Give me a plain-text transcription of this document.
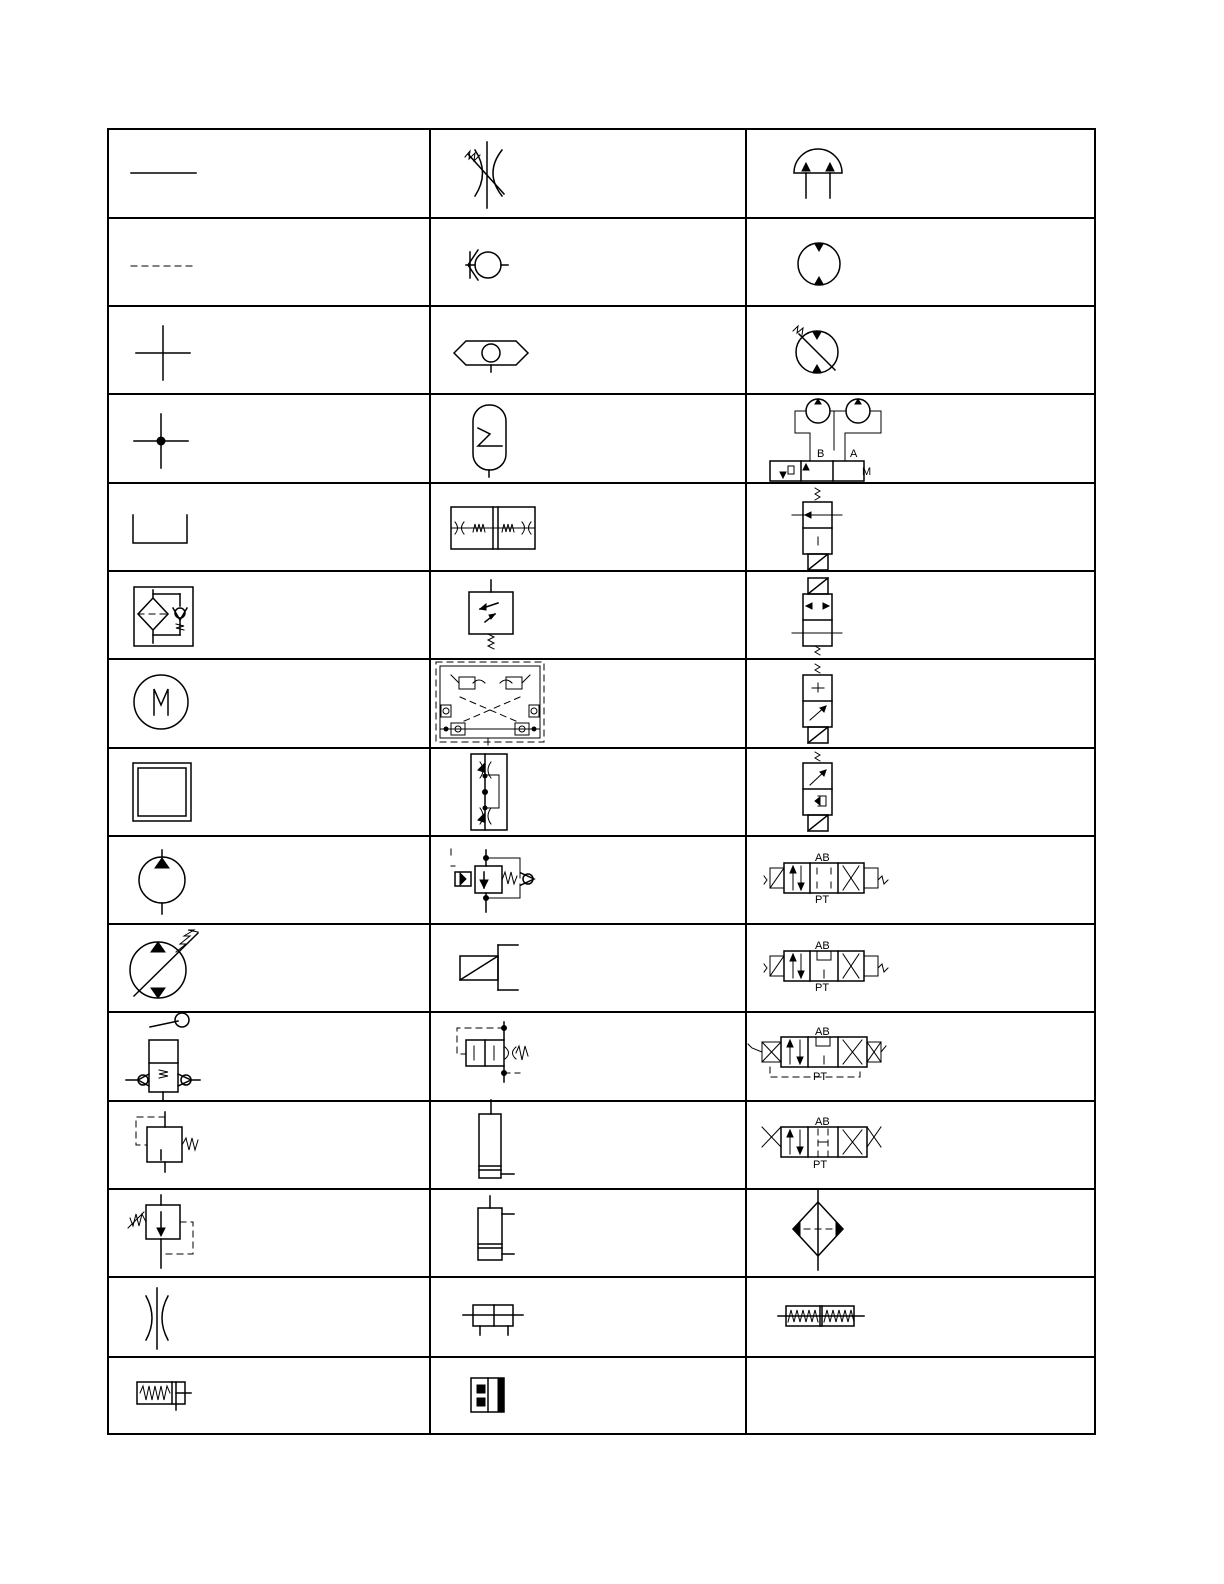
B A
M
AB
PT
AB
PT
AB
PT
AB
PT
